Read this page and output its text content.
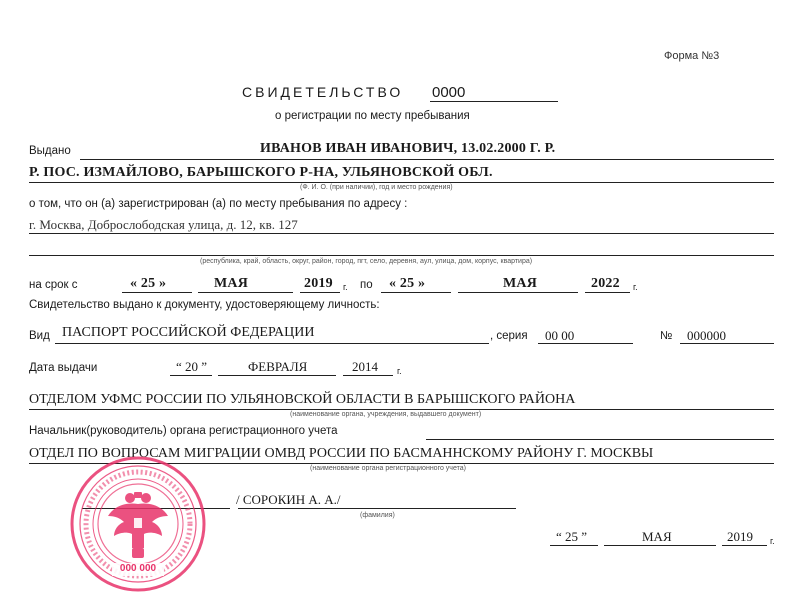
Форма №3
СВИДЕТЕЛЬСТВО 0000
о регистрации по месту пребывания
Выдано	ИВАНОВ ИВАН ИВАНОВИЧ, 13.02.2000 Г. Р.
Р. ПОС. ИЗМАЙЛОВО, БАРЫШСКОГО Р-НА, УЛЬЯНОВСКОЙ ОБЛ.
(Ф. И. О. (при наличии), год и место рождения)
о том, что он (а) зарегистрирован (а) по месту пребывания по адресу :
г. Москва, Доброслободская улица, д. 12, кв. 127
(республика, край, область, округ, район, город, пгт, село, деревня, аул, улица, дом, корпус, квартира)
на срок с	« 25 »	МАЯ	2019 г. по « 25 »	МАЯ	2022 г.
Свидетельство выдано к документу, удостоверяющему личность:
Вид ПАСПОРТ РОССИЙСКОЙ ФЕДЕРАЦИИ	, серия 00 00	№ 000000
Дата выдачи	“ 20 ”	ФЕВРАЛЯ	2014 г.
ОТДЕЛОМ УФМС РОССИИ ПО УЛЬЯНОВСКОЙ ОБЛАСТИ В БАРЫШСКОГО РАЙОНА
(наименование органа, учреждения, выдавшего документ)
Начальник(руководитель) органа регистрационного учета
ОТДЕЛ ПО ВОПРОСАМ МИГРАЦИИ ОМВД РОССИИ ПО БАСМАННСКОМУ РАЙОНУ Г. МОСКВЫ
(наименование органа регистрационного учета)
/ СОРОКИН А. А./
(фамилия)
“ 25 ”	МАЯ	2019 г.
000 000
